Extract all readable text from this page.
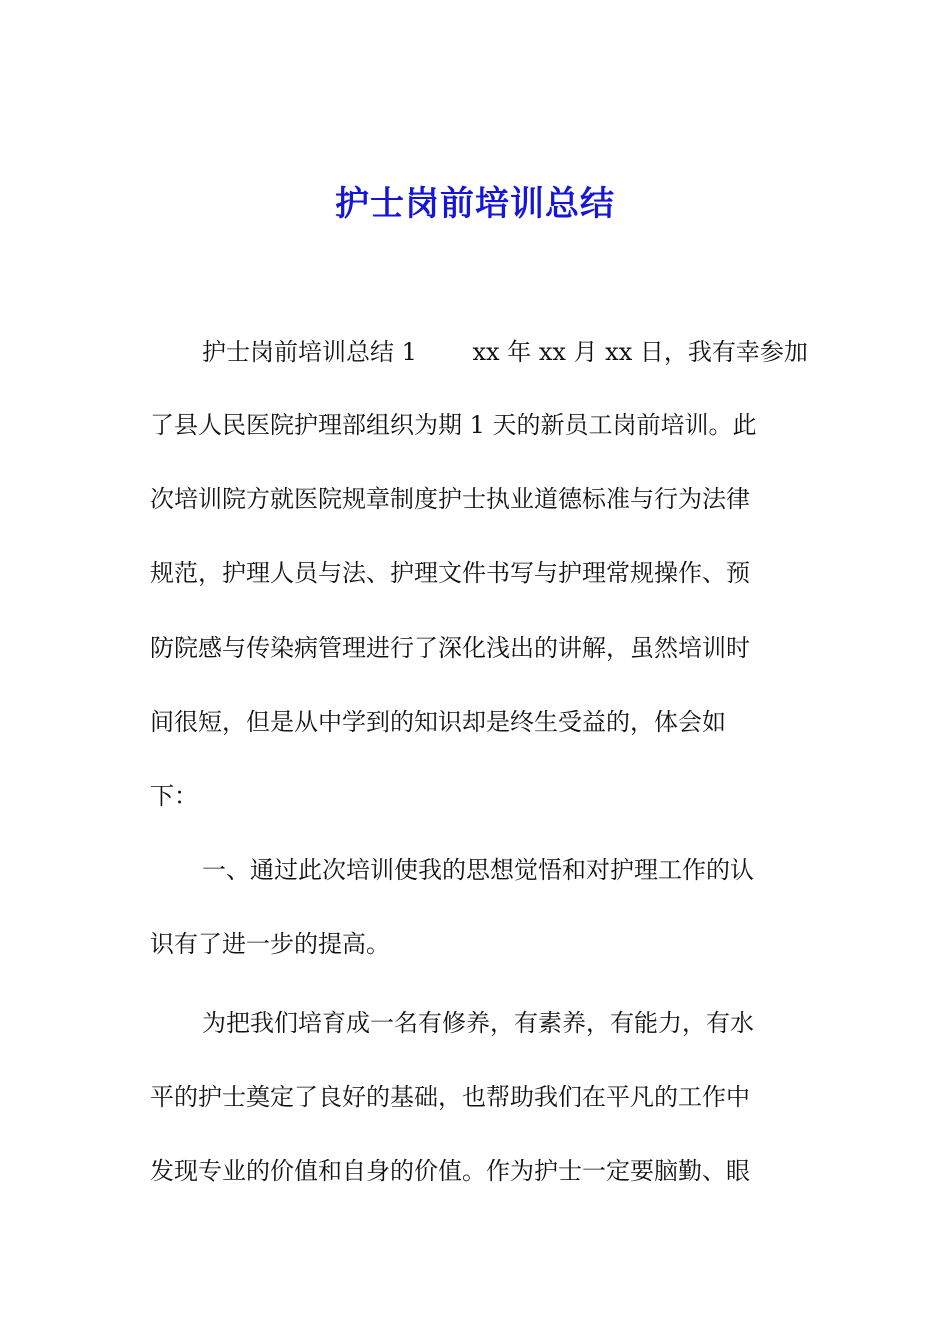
护士岗前培训总结
护士岗前培训总结 1　　 xx 年 xx 月 xx 日，我有幸参加
了县人民医院护理部组织为期 1 天的新员工岗前培训。此
次培训院方就医院规章制度护士执业道德标准与行为法律
规范，护理人员与法、护理文件书写与护理常规操作、预
防院感与传染病管理进行了深化浅出的讲解，虽然培训时
间很短，但是从中学到的知识却是终生受益的，体会如
下：
一、通过此次培训使我的思想觉悟和对护理工作的认
识有了进一步的提高。
为把我们培育成一名有修养，有素养，有能力，有水
平的护士奠定了良好的基础，也帮助我们在平凡的工作中
发现专业的价值和自身的价值。作为护士一定要脑勤、眼
